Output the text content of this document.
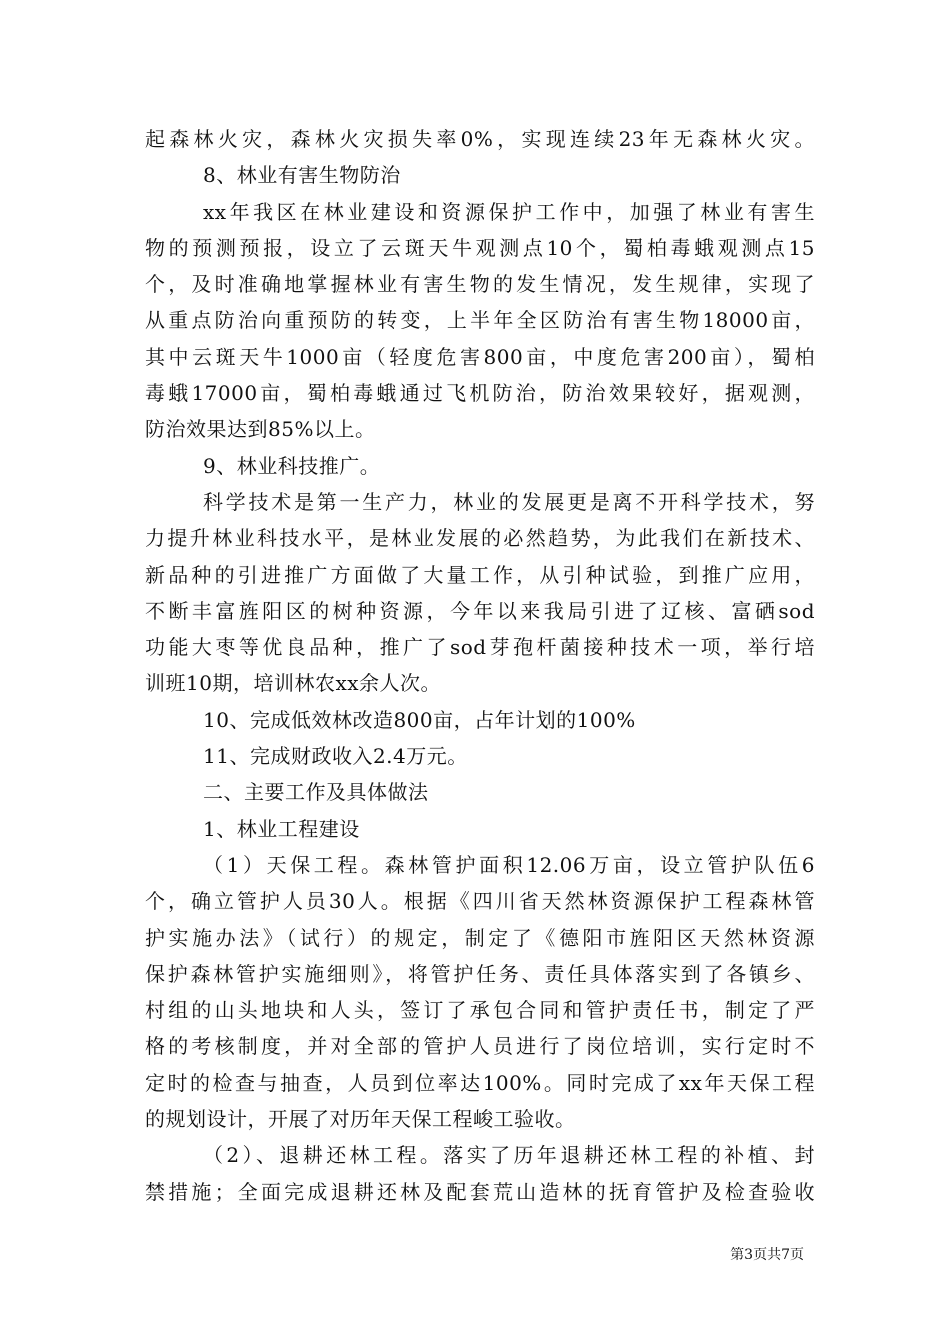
起森林火灾，森林火灾损失率0%，实现连续23年无森林火灾。
8、林业有害生物防治
xx年我区在林业建设和资源保护工作中，加强了林业有害生
物的预测预报，设立了云斑天牛观测点10个，蜀柏毒蛾观测点15
个，及时准确地掌握林业有害生物的发生情况，发生规律，实现了
从重点防治向重预防的转变，上半年全区防治有害生物18000亩，
其中云斑天牛1000亩（轻度危害800亩，中度危害200亩），蜀柏
毒蛾17000亩，蜀柏毒蛾通过飞机防治，防治效果较好，据观测，
防治效果达到85%以上。
9、林业科技推广。
科学技术是第一生产力，林业的发展更是离不开科学技术，努
力提升林业科技水平，是林业发展的必然趋势，为此我们在新技术、
新品种的引进推广方面做了大量工作，从引种试验，到推广应用，
不断丰富旌阳区的树种资源，今年以来我局引进了辽核、富硒sod
功能大枣等优良品种，推广了sod芽孢杆菌接种技术一项，举行培
训班10期，培训林农xx余人次。
10、完成低效林改造800亩，占年计划的100%
11、完成财政收入2.4万元。
二、主要工作及具体做法
1、林业工程建设
（1）天保工程。森林管护面积12.06万亩，设立管护队伍6
个，确立管护人员30人。根据《四川省天然林资源保护工程森林管
护实施办法》（试行）的规定，制定了《德阳市旌阳区天然林资源
保护森林管护实施细则》，将管护任务、责任具体落实到了各镇乡、
村组的山头地块和人头，签订了承包合同和管护责任书，制定了严
格的考核制度，并对全部的管护人员进行了岗位培训，实行定时不
定时的检查与抽查，人员到位率达100%。同时完成了xx年天保工程
的规划设计，开展了对历年天保工程峻工验收。
（2）、退耕还林工程。落实了历年退耕还林工程的补植、封
禁措施；全面完成退耕还林及配套荒山造林的抚育管护及检查验收
第3页共7页
